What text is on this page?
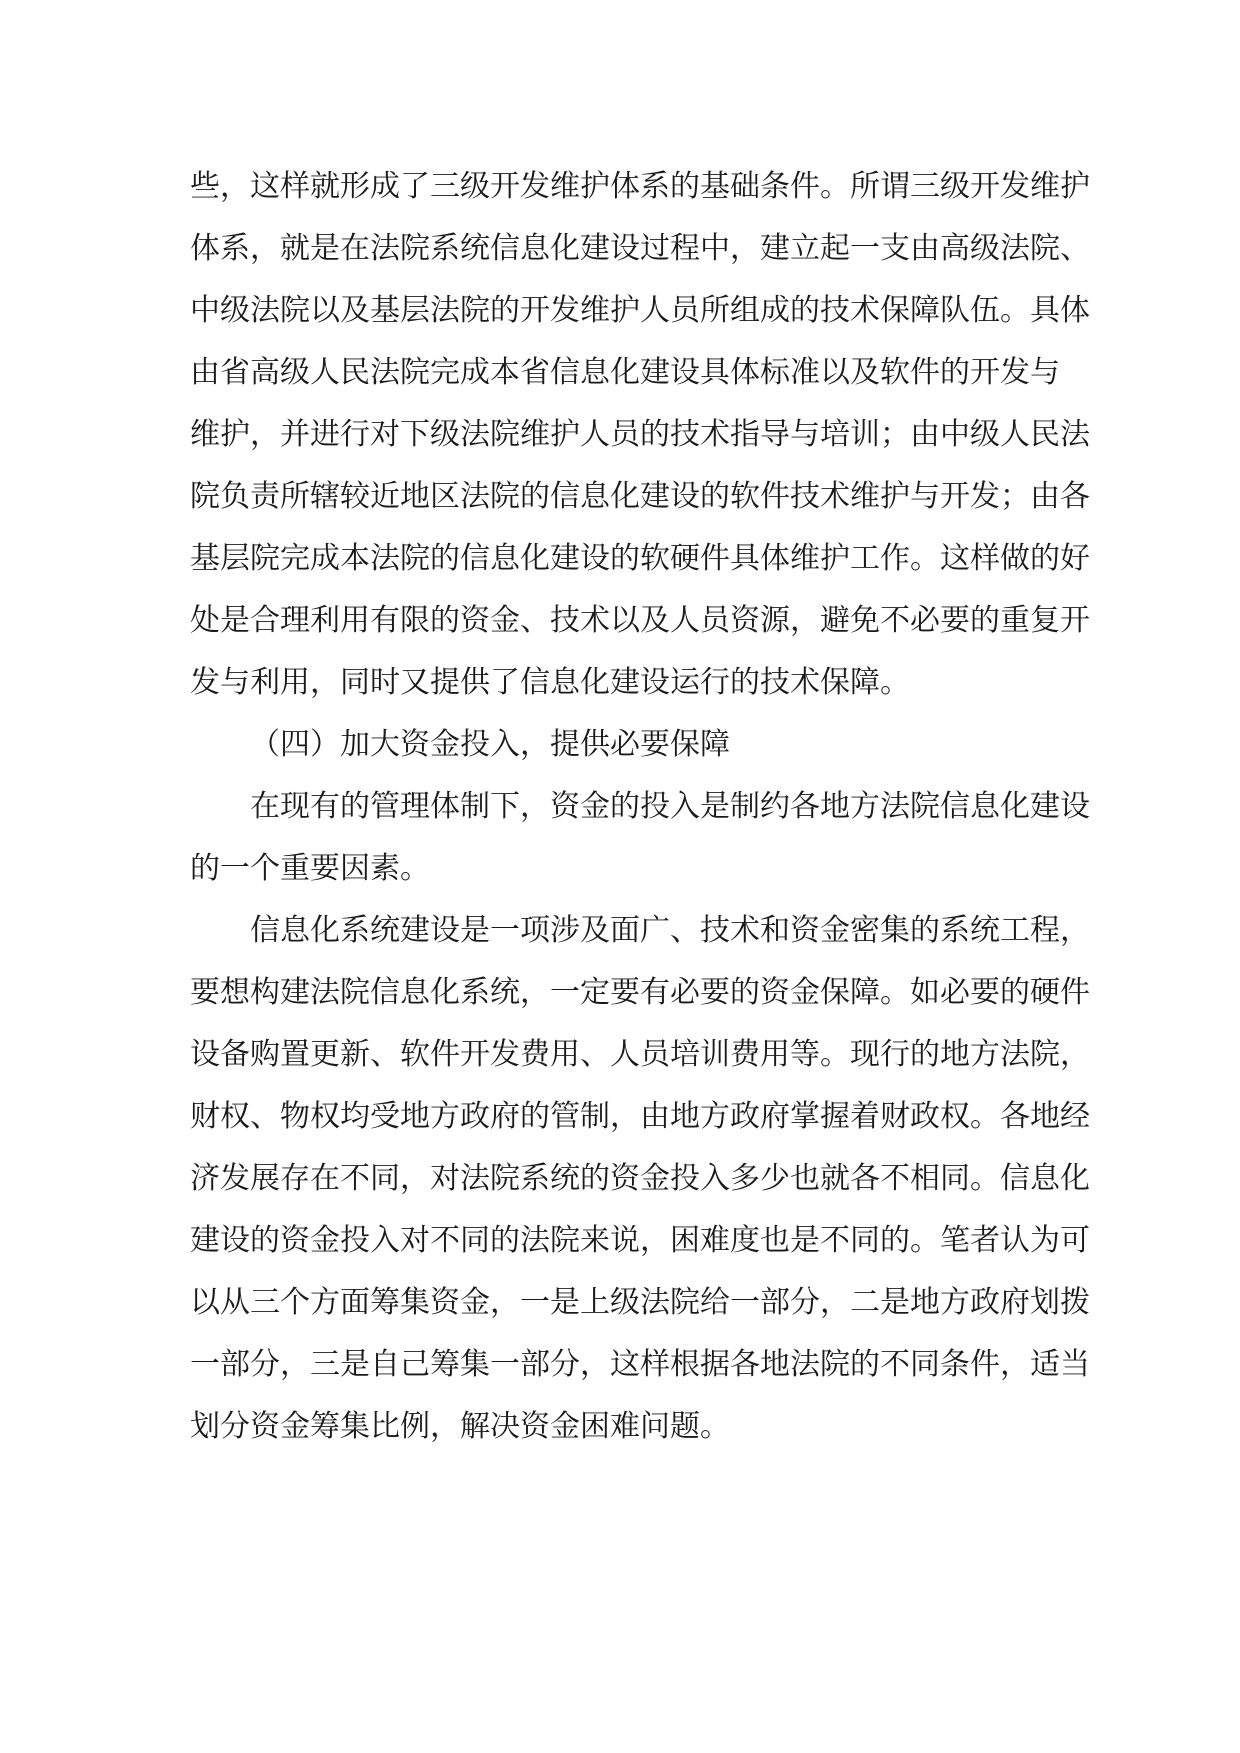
些 ， 这 样 就 形 成 了 三 级 开 发 维 护 体 系 的 基 础 条 件 。 所 谓 三 级 开 发 维 护
体 系 ， 就 是 在 法 院 系 统 信 息 化 建 设 过 程 中 ， 建 立 起 一 支 由 高 级 法 院 、
中 级 法 院 以 及 基 层 法 院 的 开 发 维 护 人 员 所 组 成 的 技 术 保 障 队 伍 。 具 体
由 省 高 级 人 民 法 院 完 成 本 省 信 息 化 建 设 具 体 标 准 以 及 软 件 的 开 发 与
维 护 ， 并 进 行 对 下 级 法 院 维 护 人 员 的 技 术 指 导 与 培 训 ； 由 中 级 人 民 法
院 负 责 所 辖 较 近 地 区 法 院 的 信 息 化 建 设 的 软 件 技 术 维 护 与 开 发 ； 由 各
基 层 院 完 成 本 法 院 的 信 息 化 建 设 的 软 硬 件 具 体 维 护 工 作 。 这 样 做 的 好
处 是 合 理 利 用 有 限 的 资 金 、 技 术 以 及 人 员 资 源 ， 避 免 不 必 要 的 重 复 开
发与利用，同时又提供了信息化建设运行的技术保障。
（四）加大资金投入，提供必要保障
在 现 有 的 管 理 体 制 下 ， 资 金 的 投 入 是 制 约 各 地 方 法 院 信 息 化 建 设
的一个重要因素。
信 息 化 系 统 建 设 是 一 项 涉 及 面 广 、 技 术 和 资 金 密 集 的 系 统 工 程 ，
要 想 构 建 法 院 信 息 化 系 统 ， 一 定 要 有 必 要 的 资 金 保 障 。 如 必 要 的 硬 件
设 备 购 置 更 新 、 软 件 开 发 费 用 、 人 员 培 训 费 用 等 。 现 行 的 地 方 法 院 ，
财 权 、 物 权 均 受 地 方 政 府 的 管 制 ， 由 地 方 政 府 掌 握 着 财 政 权 。 各 地 经
济 发 展 存 在 不 同 ， 对 法 院 系 统 的 资 金 投 入 多 少 也 就 各 不 相 同 。 信 息 化
建 设 的 资 金 投 入 对 不 同 的 法 院 来 说 ， 困 难 度 也 是 不 同 的 。 笔 者 认 为 可
以 从 三 个 方 面 筹 集 资 金 ， 一 是 上 级 法 院 给 一 部 分 ， 二 是 地 方 政 府 划 拨
一 部 分 ， 三 是 自 己 筹 集 一 部 分 ， 这 样 根 据 各 地 法 院 的 不 同 条 件 ， 适 当
划分资金筹集比例，解决资金困难问题。
